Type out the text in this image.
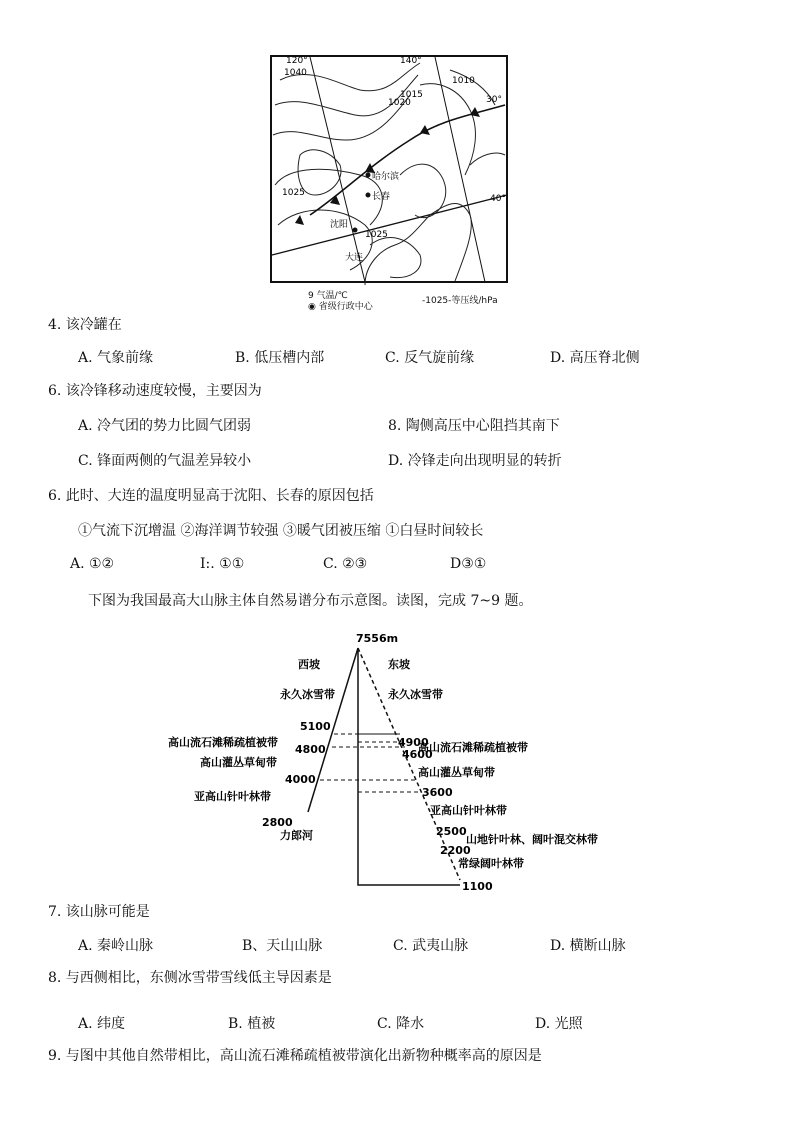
120°	140°
30°
40°
1040
1020
1015
1010
1025
1025
哈尔滨
长春
沈阳
大连
9 气温/℃
◉ 省级行政中心
-1025-等压线/hPa
4. 该冷罐在
A. 气象前缘	B. 低压槽内部	C. 反气旋前缘	D. 高压脊北侧
6. 该冷锋移动速度较慢，主要因为
A. 冷气团的势力比圆气团弱	8. 陶侧高压中心阻挡其南下
C. 锋面两侧的气温差异较小	D. 冷锋走向出现明显的转折
6. 此时、大连的温度明显高于沈阳、长春的原因包括
①气流下沉增温 ②海洋调节较强 ③暖气团被压缩 ①白昼时间较长
A. ①②	I:. ①①	C. ②③	D③①
下图为我国最高大山脉主体自然易谱分布示意图。读图，完成 7~9 题。
7556m
西坡	东坡
永久冰雪带	永久冰雪带
5100
高山流石滩稀疏植被带
4800
高山灌丛草甸带
4000
亚高山针叶林带
2800
力郎河
4900
高山流石滩稀疏植被带
4600
高山灌丛草甸带
3600
亚高山针叶林带
2500
山地针叶林、阔叶混交林带
2200
常绿阔叶林带
1100
7. 该山脉可能是
A. 秦岭山脉	B、天山山脉	C. 武夷山脉	D. 横断山脉
8. 与西侧相比，东侧冰雪带雪线低主导因素是
A. 纬度	B. 植被	C. 降水	D. 光照
9. 与图中其他自然带相比，高山流石滩稀疏植被带演化出新物种概率高的原因是
